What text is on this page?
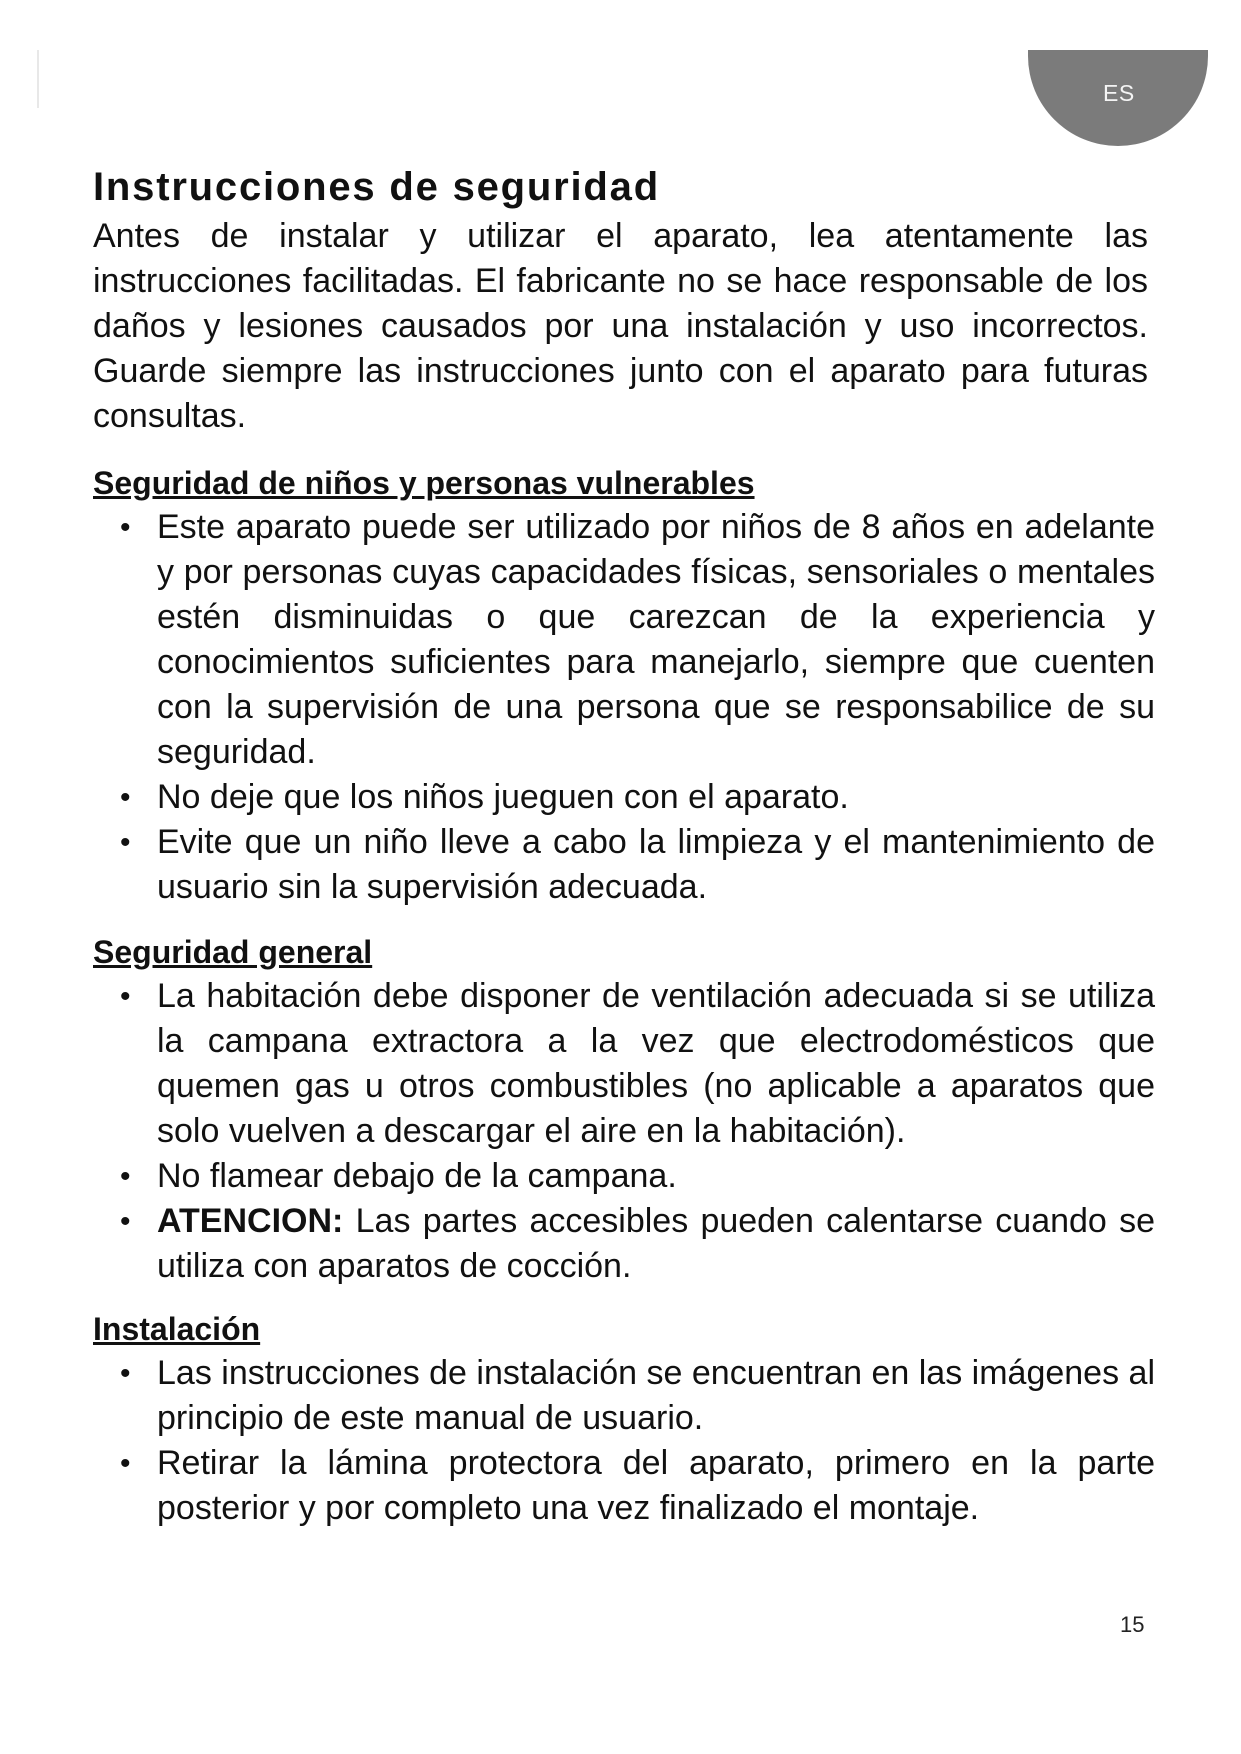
ES
Instrucciones de seguridad

Antes de instalar y utilizar el aparato, lea atentamente las instrucciones facilitadas. El fabricante no se hace responsable de los daños y lesiones causados por una instalación y uso incorrectos. Guarde siempre las instrucciones junto con el aparato para futuras consultas.

Seguridad de niños y personas vulnerables
• Este aparato puede ser utilizado por niños de 8 años en adelante y por personas cuyas capacidades físicas, sensoriales o mentales estén disminuidas o que carezcan de la experiencia y conocimientos suficientes para manejarlo, siempre que cuenten con la supervisión de una persona que se responsabilice de su seguridad.
• No deje que los niños jueguen con el aparato.
• Evite que un niño lleve a cabo la limpieza y el mantenimiento de usuario sin la supervisión adecuada.
Seguridad general
• La habitación debe disponer de ventilación adecuada si se utiliza la campana extractora a la vez que electrodomésticos que quemen gas u otros combustibles (no aplicable a aparatos que solo vuelven a descargar el aire en la habitación).
• No flamear debajo de la campana.
• ATENCION: Las partes accesibles pueden calentarse cuando se utiliza con aparatos de cocción.
Instalación
• Las instrucciones de instalación se encuentran en las imágenes al principio de este manual de usuario.
• Retirar la lámina protectora del aparato, primero en la parte posterior y por completo una vez finalizado el montaje.
15
